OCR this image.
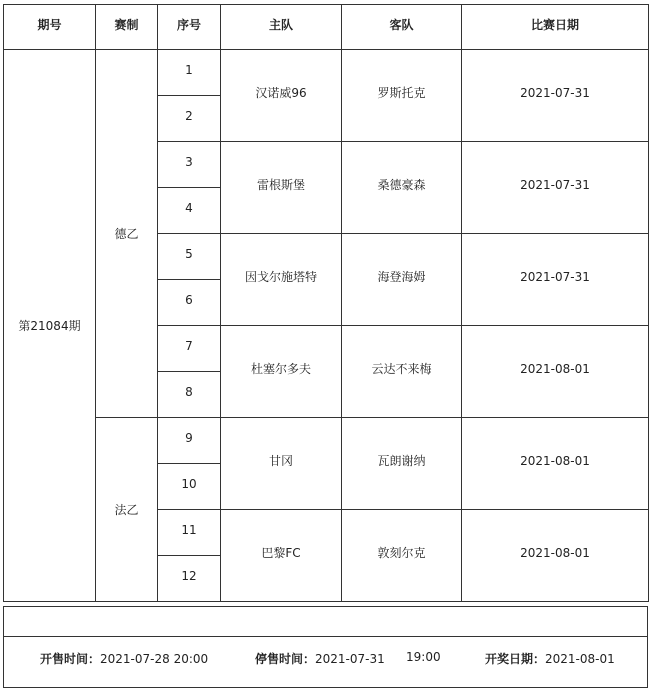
期号	赛制	序号	主队	客队	比赛日期
第21084期	德乙	1	汉诺威96	罗斯托克	2021-07-31
		2			
		3	雷根斯堡	桑德豪森	2021-07-31
		4			
		5	因戈尔施塔特	海登海姆	2021-07-31
		6			
		7	杜塞尔多夫	云达不来梅	2021-08-01
		8			
	法乙	9	甘冈	瓦朗谢纳	2021-08-01
		10			
		11	巴黎FC	敦刻尔克	2021-08-01
		12			
开售时间：2021-07-28 20:00	停售时间：2021-07-31 19:00	开奖日期：2021-08-01
